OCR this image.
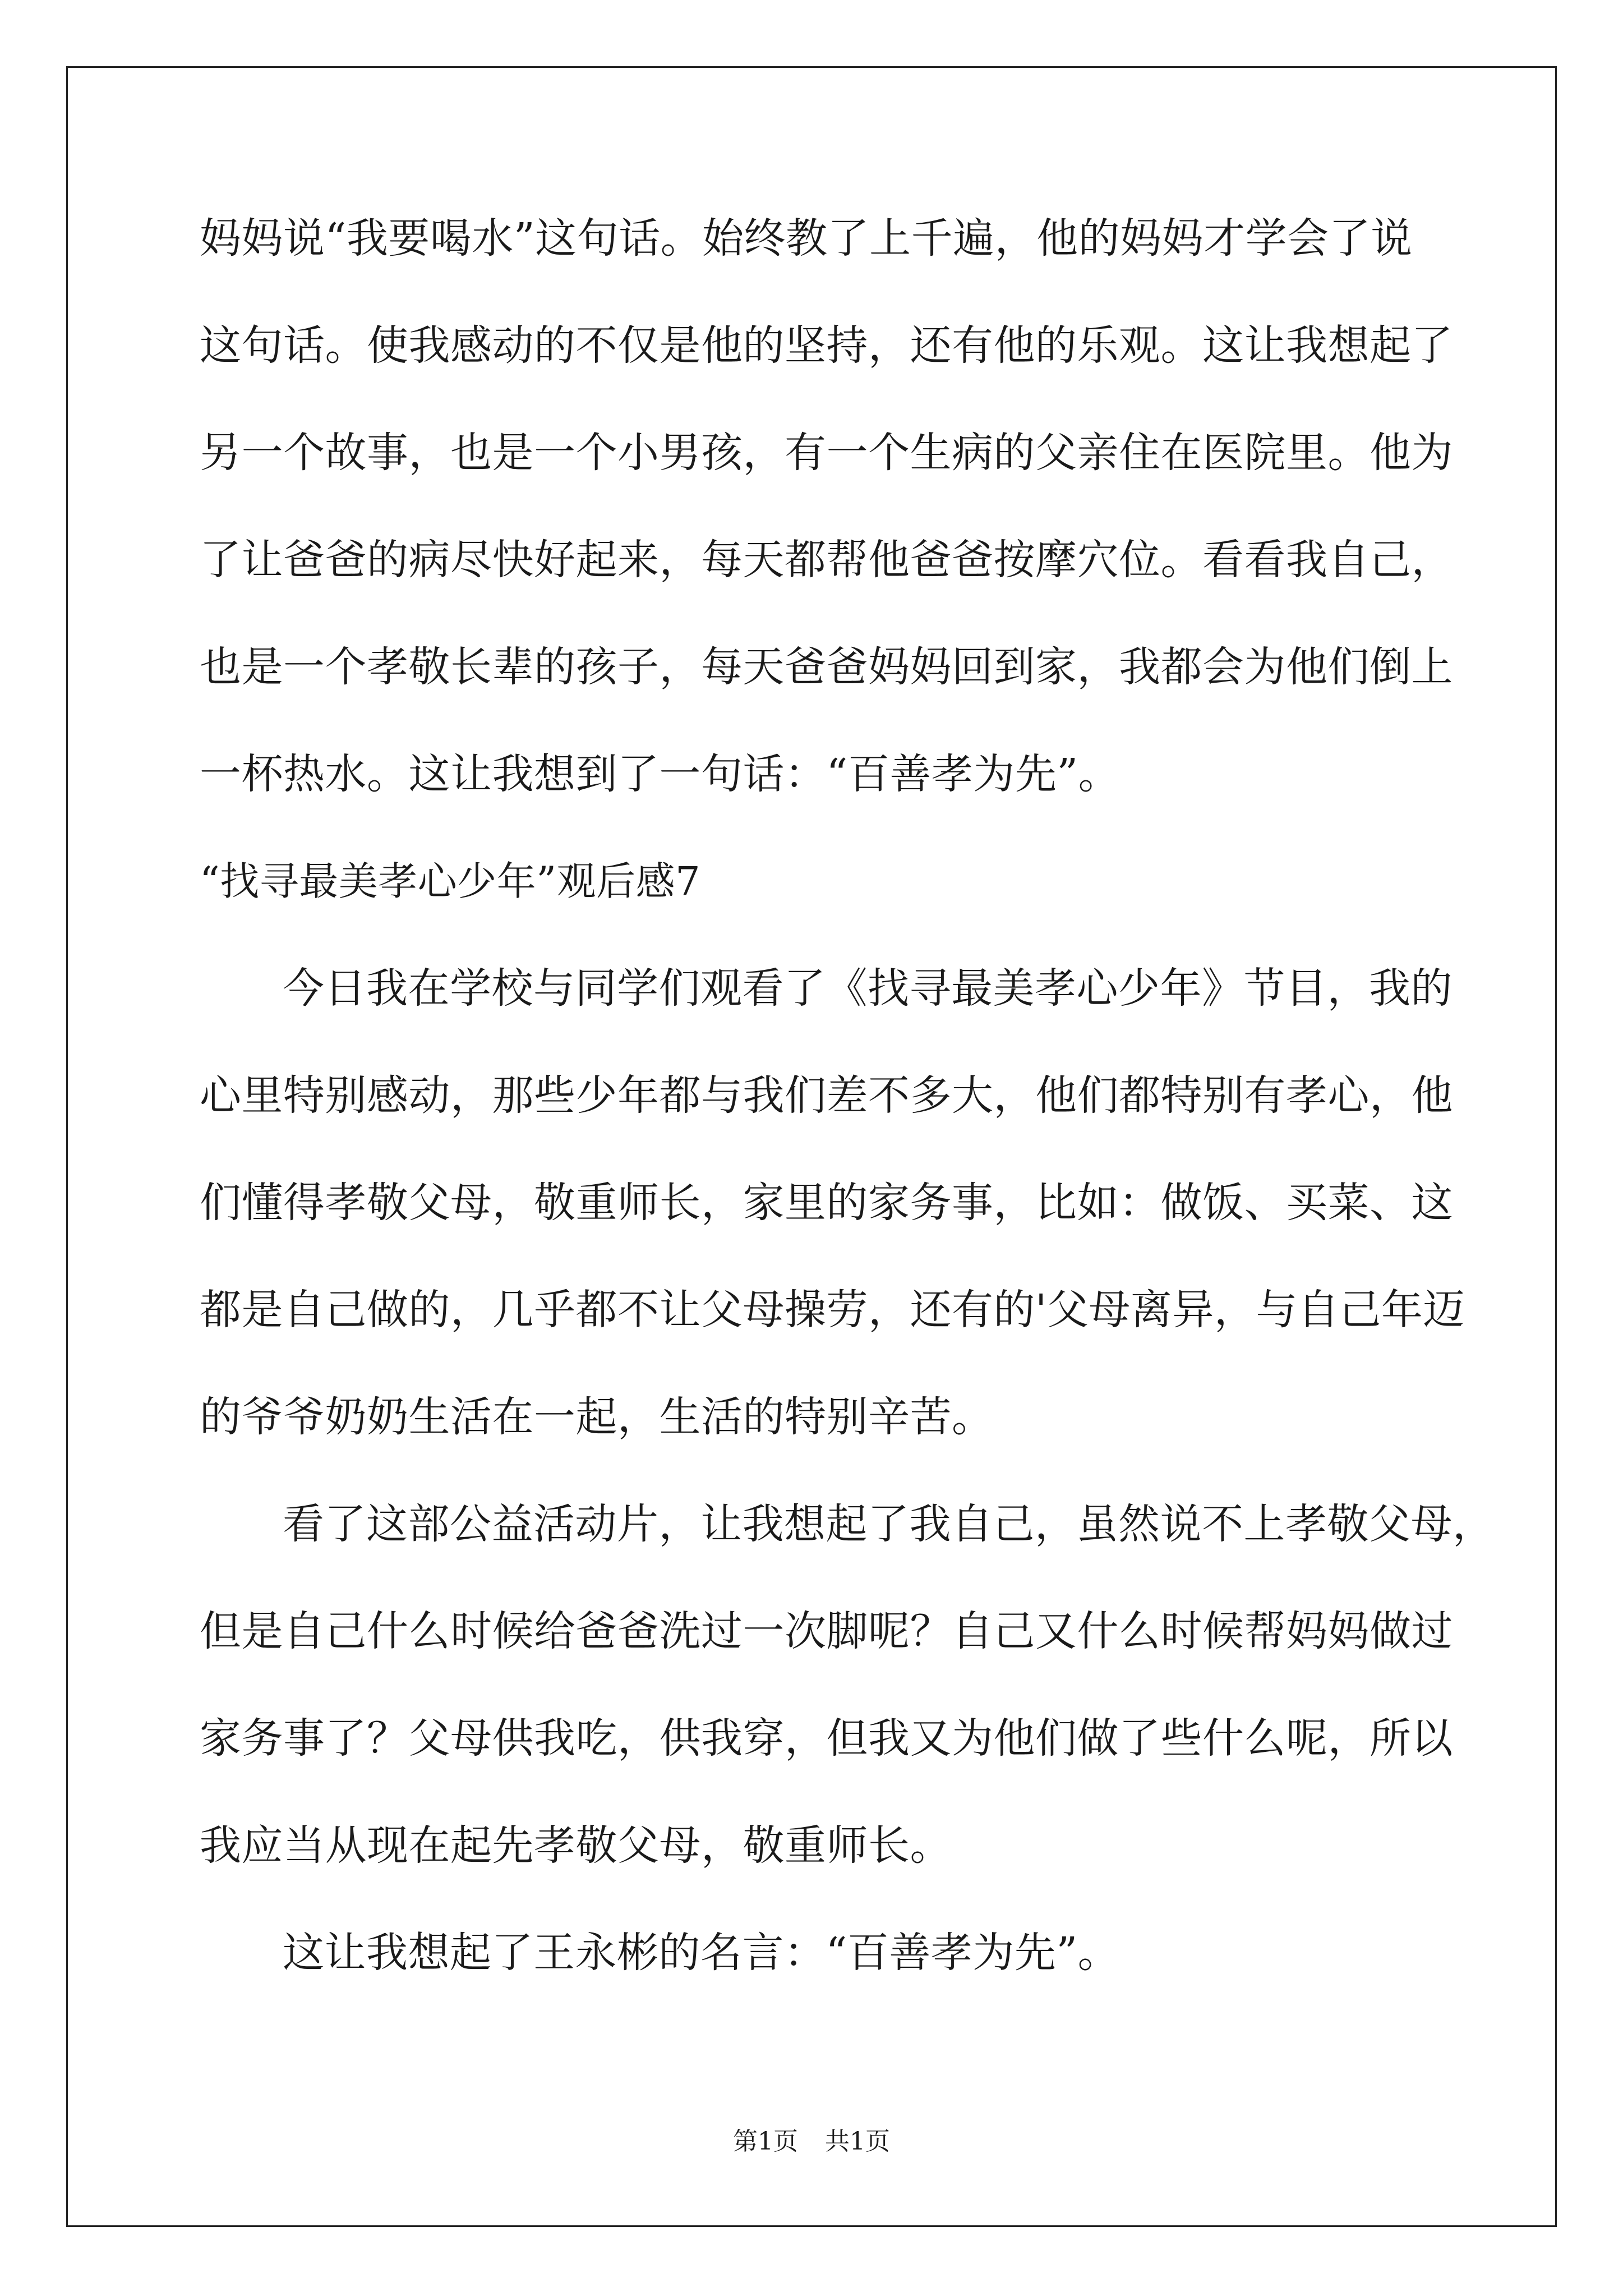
妈妈说“我要喝水”这句话。始终教了上千遍，他的妈妈才学会了说
这句话。使我感动的不仅是他的坚持，还有他的乐观。这让我想起了
另一个故事，也是一个小男孩，有一个生病的父亲住在医院里。他为
了让爸爸的病尽快好起来，每天都帮他爸爸按摩穴位。看看我自己，
也是一个孝敬长辈的孩子，每天爸爸妈妈回到家，我都会为他们倒上
一杯热水。这让我想到了一句话：“百善孝为先”。
“找寻最美孝心少年”观后感7
今日我在学校与同学们观看了《找寻最美孝心少年》节目，我的
心里特别感动，那些少年都与我们差不多大，他们都特别有孝心，他
们懂得孝敬父母，敬重师长，家里的家务事，比如：做饭、买菜、这
都是自己做的，几乎都不让父母操劳，还有的'父母离异，与自己年迈
的爷爷奶奶生活在一起，生活的特别辛苦。
看了这部公益活动片，让我想起了我自己，虽然说不上孝敬父母，
但是自己什么时候给爸爸洗过一次脚呢？自己又什么时候帮妈妈做过
家务事了？父母供我吃，供我穿，但我又为他们做了些什么呢，所以
我应当从现在起先孝敬父母，敬重师长。
这让我想起了王永彬的名言：“百善孝为先”。
第1页 共1页
